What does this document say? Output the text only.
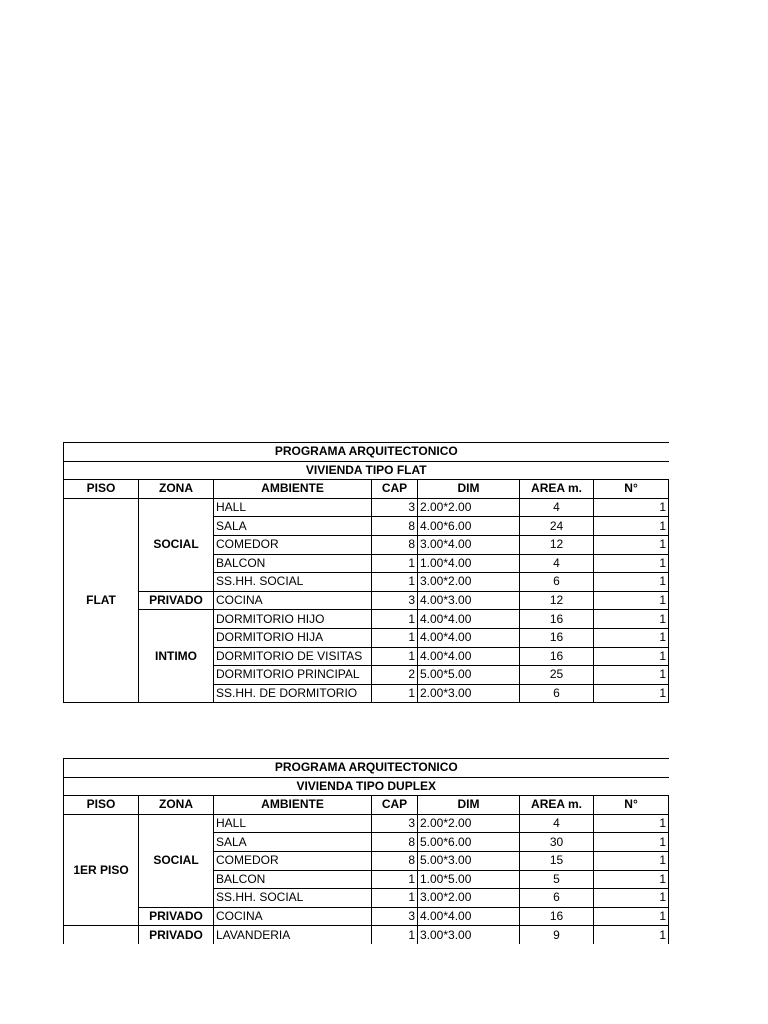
PROGRAMA ARQUITECTONICO						
VIVIENDA TIPO FLAT						
PISO	ZONA	AMBIENTE	CAP	DIM	AREA m.	N°
FLAT	SOCIAL	HALL	3	2.00*2.00	4	1
		SALA	8	4.00*6.00	24	1
		COMEDOR	8	3.00*4.00	12	1
		BALCON	1	1.00*4.00	4	1
		SS.HH. SOCIAL	1	3.00*2.00	6	1
	PRIVADO	COCINA	3	4.00*3.00	12	1
	INTIMO	DORMITORIO HIJO	1	4.00*4.00	16	1
		DORMITORIO HIJA	1	4.00*4.00	16	1
		DORMITORIO DE VISITAS	1	4.00*4.00	16	1
		DORMITORIO PRINCIPAL	2	5.00*5.00	25	1
		SS.HH. DE DORMITORIO	1	2.00*3.00	6	1
PROGRAMA ARQUITECTONICO						
VIVIENDA TIPO DUPLEX						
PISO	ZONA	AMBIENTE	CAP	DIM	AREA m.	N°
1ER PISO	SOCIAL	HALL	3	2.00*2.00	4	1
		SALA	8	5.00*6.00	30	1
		COMEDOR	8	5.00*3.00	15	1
		BALCON	1	1.00*5.00	5	1
		SS.HH. SOCIAL	1	3.00*2.00	6	1
	PRIVADO	COCINA	3	4.00*4.00	16	1
	PRIVADO	LAVANDERIA	1	3.00*3.00	9	1
